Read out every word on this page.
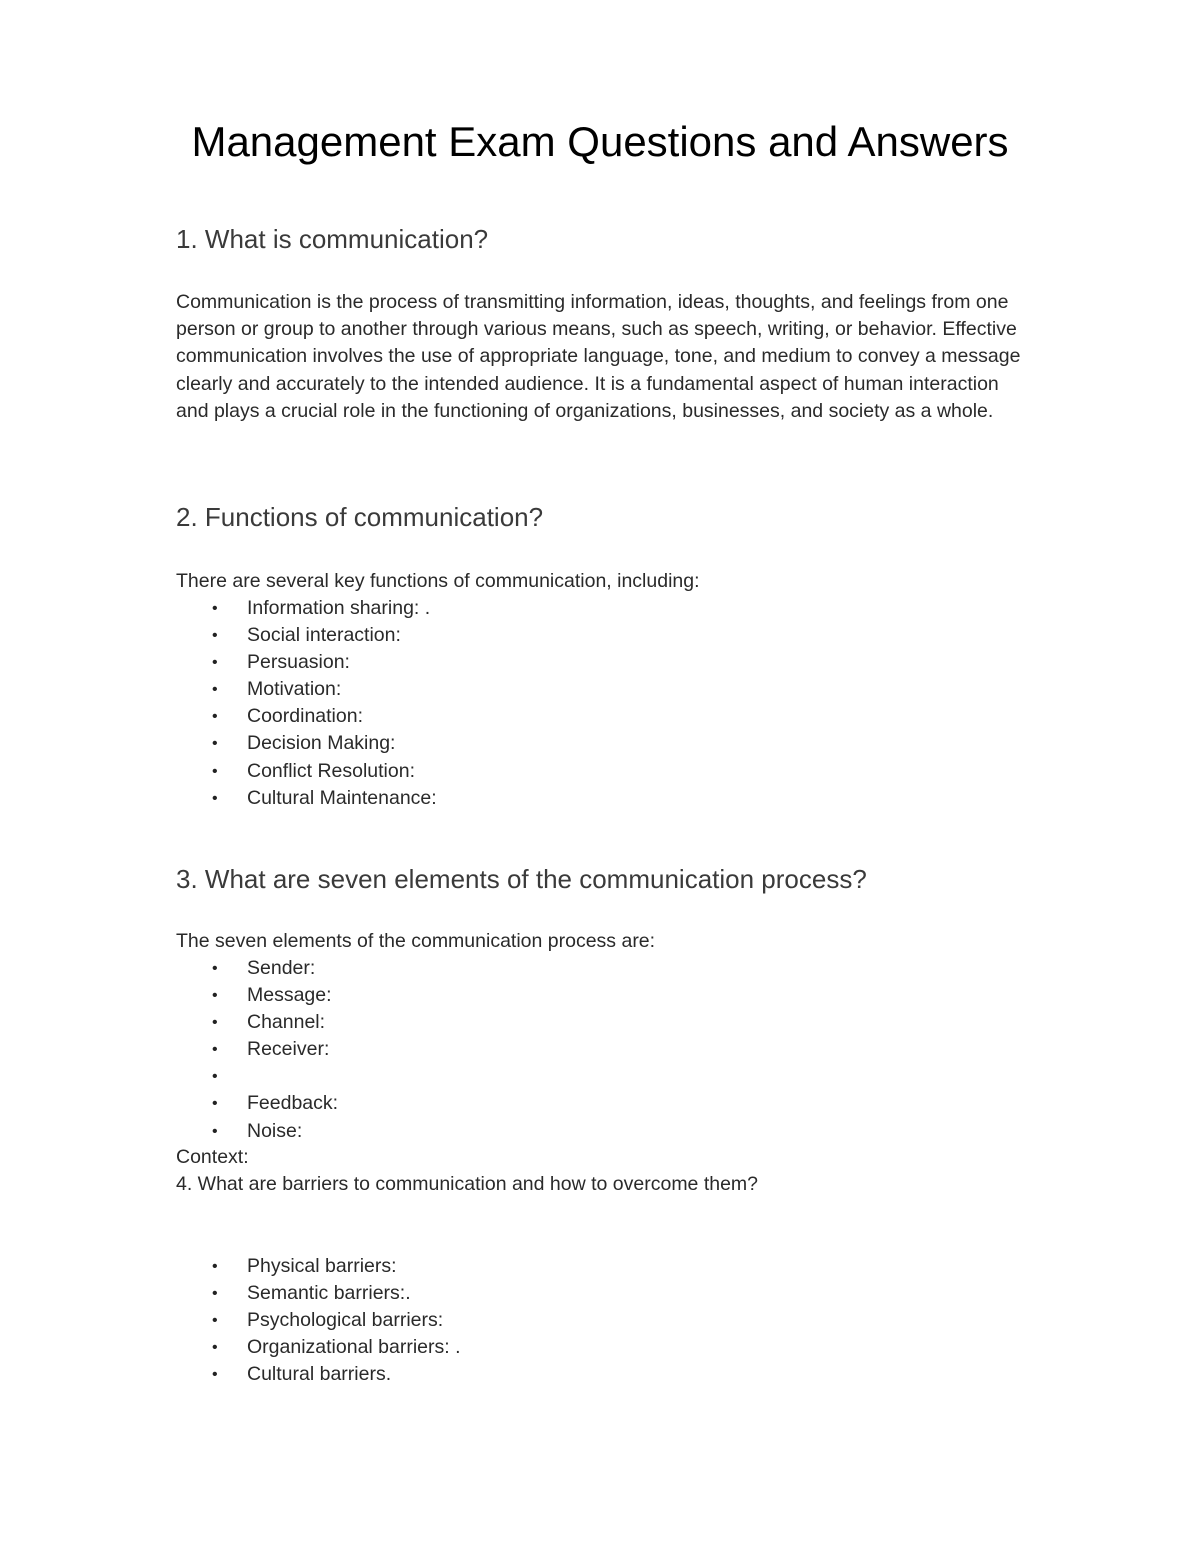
Management Exam Questions and Answers
1. What is communication?

Communication is the process of transmitting information, ideas, thoughts, and feelings from one person or group to another through various means, such as speech, writing, or behavior. Effective communication involves the use of appropriate language, tone, and medium to convey a message clearly and accurately to the intended audience. It is a fundamental aspect of human interaction and plays a crucial role in the functioning of organizations, businesses, and society as a whole.

2. Functions of communication?

There are several key functions of communication, including:

• Information sharing: .
• Social interaction:
• Persuasion:
• Motivation:
• Coordination:
• Decision Making:
• Conflict Resolution:
• Cultural Maintenance:
3. What are seven elements of the communication process?

The seven elements of the communication process are:

• Sender:
• Message:
• Channel:
• Receiver:
•
• Feedback:
• Noise:

Context:

4. What are barriers to communication and how to overcome them?

• Physical barriers:
• Semantic barriers:.
• Psychological barriers:
• Organizational barriers: .
• Cultural barriers.
